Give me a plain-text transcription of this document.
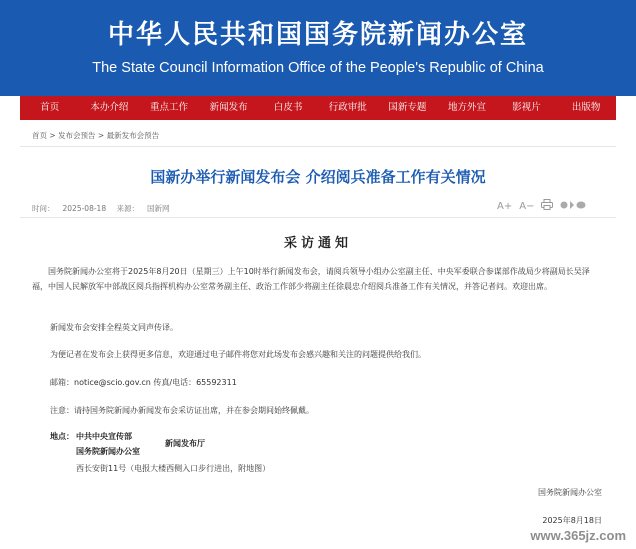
中华人民共和国国务院新闻办公室
The State Council Information Office of the People's Republic of China
首页	本办介绍	重点工作	新闻发布	白皮书	行政审批	国新专题	地方外宣	影视片	出版物
首页 > 发布会预告 > 最新发布会预告
国新办举行新闻发布会 介绍阅兵准备工作有关情况
时间： 2025-08-18 来源： 国新网	A+ A−
采访通知
国务院新闻办公室将于2025年8月20日（星期三）上午10时举行新闻发布会，请阅兵领导小组办公室副主任、中央军委联合参谋部作战局少将副局长吴泽福，中国人民解放军中部战区阅兵指挥机构办公室常务副主任、政治工作部少将副主任徐晨忠介绍阅兵准备工作有关情况，并答记者问。欢迎出席。
新闻发布会安排全程英文同声传译。
为便记者在发布会上获得更多信息，欢迎通过电子邮件将您对此场发布会感兴趣和关注的问题提供给我们。
邮箱：notice@scio.gov.cn 传真/电话：65592311
注意：请持国务院新闻办新闻发布会采访证出席，并在参会期间始终佩戴。
地点： 中共中央宣传部
国务院新闻办公室
新闻发布厅
西长安街11号（电报大楼西侧入口步行进出，附地图）
国务院新闻办公室
2025年8月18日
www.365jz.com
